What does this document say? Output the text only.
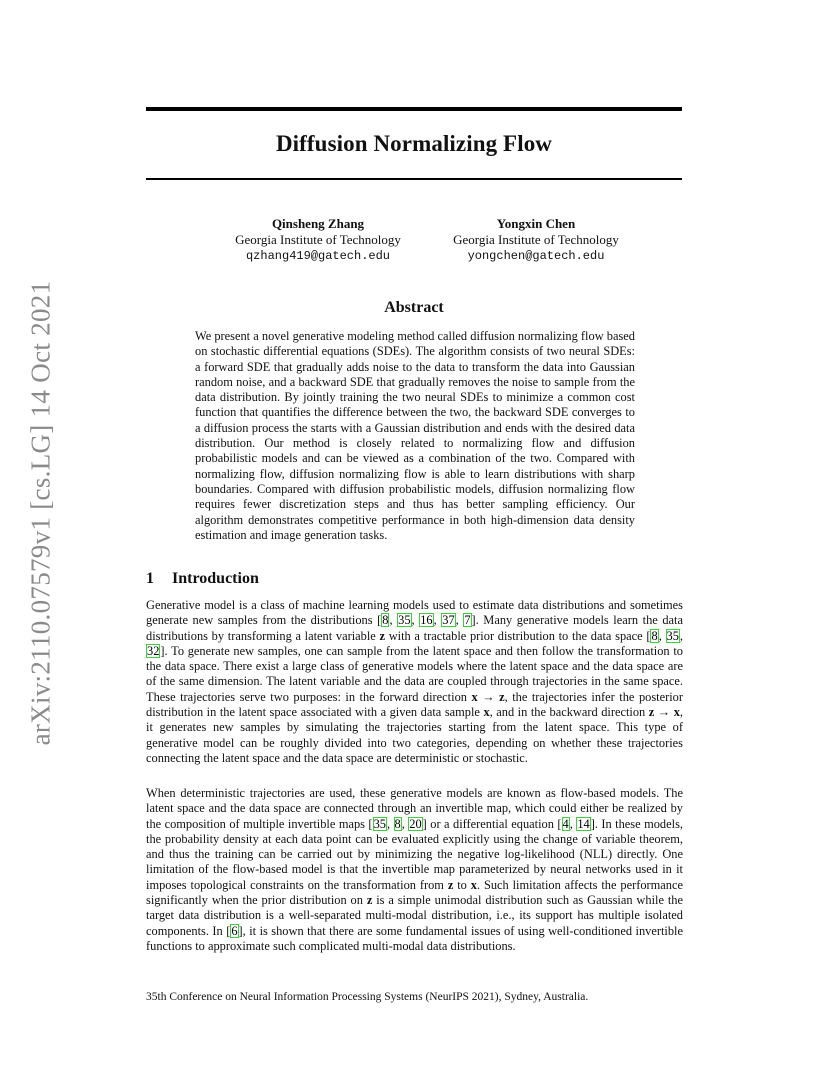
arXiv:2110.07579v1 [cs.LG] 14 Oct 2021
Diffusion Normalizing Flow
Qinsheng Zhang
Georgia Institute of Technology
qzhang419@gatech.edu
Yongxin Chen
Georgia Institute of Technology
yongchen@gatech.edu
Abstract
We present a novel generative modeling method called diffusion normalizing flow based on stochastic differential equations (SDEs). The algorithm consists of two neural SDEs: a forward SDE that gradually adds noise to the data to transform the data into Gaussian random noise, and a backward SDE that gradually removes the noise to sample from the data distribution. By jointly training the two neural SDEs to minimize a common cost function that quantifies the difference between the two, the backward SDE converges to a diffusion process the starts with a Gaussian distribution and ends with the desired data distribution. Our method is closely related to normalizing flow and diffusion probabilistic models and can be viewed as a combination of the two. Compared with normalizing flow, diffusion normalizing flow is able to learn distributions with sharp boundaries. Compared with diffusion probabilistic models, diffusion normalizing flow requires fewer discretization steps and thus has better sampling efficiency. Our algorithm demonstrates competitive performance in both high-dimension data density estimation and image generation tasks.
1 Introduction

Generative model is a class of machine learning models used to estimate data distributions and sometimes generate new samples from the distributions [8, 35, 16, 37, 7]. Many generative models learn the data distributions by transforming a latent variable z with a tractable prior distribution to the data space [8, 35, 32]. To generate new samples, one can sample from the latent space and then follow the transformation to the data space. There exist a large class of generative models where the latent space and the data space are of the same dimension. The latent variable and the data are coupled through trajectories in the same space. These trajectories serve two purposes: in the forward direction x → z, the trajectories infer the posterior distribution in the latent space associated with a given data sample x, and in the backward direction z → x, it generates new samples by simulating the trajectories starting from the latent space. This type of generative model can be roughly divided into two categories, depending on whether these trajectories connecting the latent space and the data space are deterministic or stochastic.

When deterministic trajectories are used, these generative models are known as flow-based models. The latent space and the data space are connected through an invertible map, which could either be realized by the composition of multiple invertible maps [35, 8, 20] or a differential equation [4, 14]. In these models, the probability density at each data point can be evaluated explicitly using the change of variable theorem, and thus the training can be carried out by minimizing the negative log-likelihood (NLL) directly. One limitation of the flow-based model is that the invertible map parameterized by neural networks used in it imposes topological constraints on the transformation from z to x. Such limitation affects the performance significantly when the prior distribution on z is a simple unimodal distribution such as Gaussian while the target data distribution is a well-separated multi-modal distribution, i.e., its support has multiple isolated components. In [6], it is shown that there are some fundamental issues of using well-conditioned invertible functions to approximate such complicated multi-modal data distributions.

35th Conference on Neural Information Processing Systems (NeurIPS 2021), Sydney, Australia.
